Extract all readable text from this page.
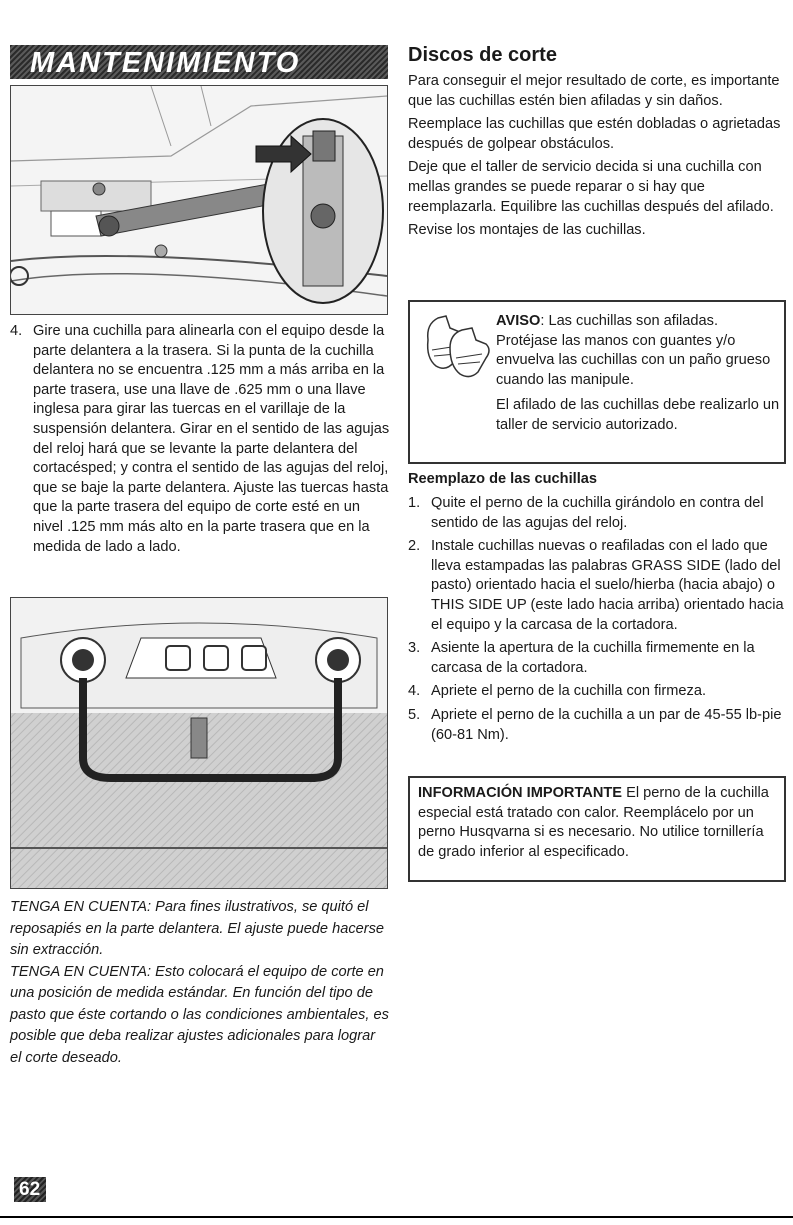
MANTENIMIENTO
4. Gire una cuchilla para alinearla con el equipo desde la parte delantera a la trasera. Si la punta de la cuchilla delantera no se encuentra .125 mm a más arriba en la parte trasera, use una llave de .625 mm o una llave inglesa para girar las tuercas en el varillaje de la suspensión delantera. Girar en el sentido de las agujas del reloj hará que se levante la parte delantera del cortacésped; y contra el sentido de las agujas del reloj, que se baje la parte delantera. Ajuste las tuercas hasta que la parte trasera del equipo de corte esté en un nivel .125 mm más alto en la parte trasera que en la medida de lado a lado.

TENGA EN CUENTA: Para fines ilustrativos, se quitó el reposapiés en la parte delantera. El ajuste puede hacerse sin extracción.

TENGA EN CUENTA: Esto colocará el equipo de corte en una posición de medida estándar. En función del tipo de pasto que éste cortando o las condiciones ambientales, es posible que deba realizar ajustes adicionales para lograr el corte deseado.

Discos de corte

Para conseguir el mejor resultado de corte, es importante que las cuchillas estén bien afiladas y sin daños.

Reemplace las cuchillas que estén dobladas o agrietadas después de golpear obstáculos.

Deje que el taller de servicio decida si una cuchilla con mellas grandes se puede reparar o si hay que reemplazarla. Equilibre las cuchillas después del afilado.

Revise los montajes de las cuchillas.

AVISO: Las cuchillas son afiladas. Protéjase las manos con guantes y/o envuelva las cuchillas con un paño grueso cuando las manipule.

El afilado de las cuchillas debe realizarlo un taller de servicio autorizado.

Reemplazo de las cuchillas
1. Quite el perno de la cuchilla girándolo en contra del sentido de las agujas del reloj.
2. Instale cuchillas nuevas o reafiladas con el lado que lleva estampadas las palabras GRASS SIDE (lado del pasto) orientado hacia el suelo/hierba (hacia abajo) o THIS SIDE UP (este lado hacia arriba) orientado hacia el equipo y la carcasa de la cortadora.
3. Asiente la apertura de la cuchilla firmemente en la carcasa de la cortadora.
4. Apriete el perno de la cuchilla con firmeza.
5. Apriete el perno de la cuchilla a un par de 45-55 lb-pie (60-81 Nm).
INFORMACIÓN IMPORTANTE El perno de la cuchilla especial está tratado con calor. Reemplácelo por un perno Husqvarna si es necesario. No utilice tornillería de grado inferior al especificado.
62
